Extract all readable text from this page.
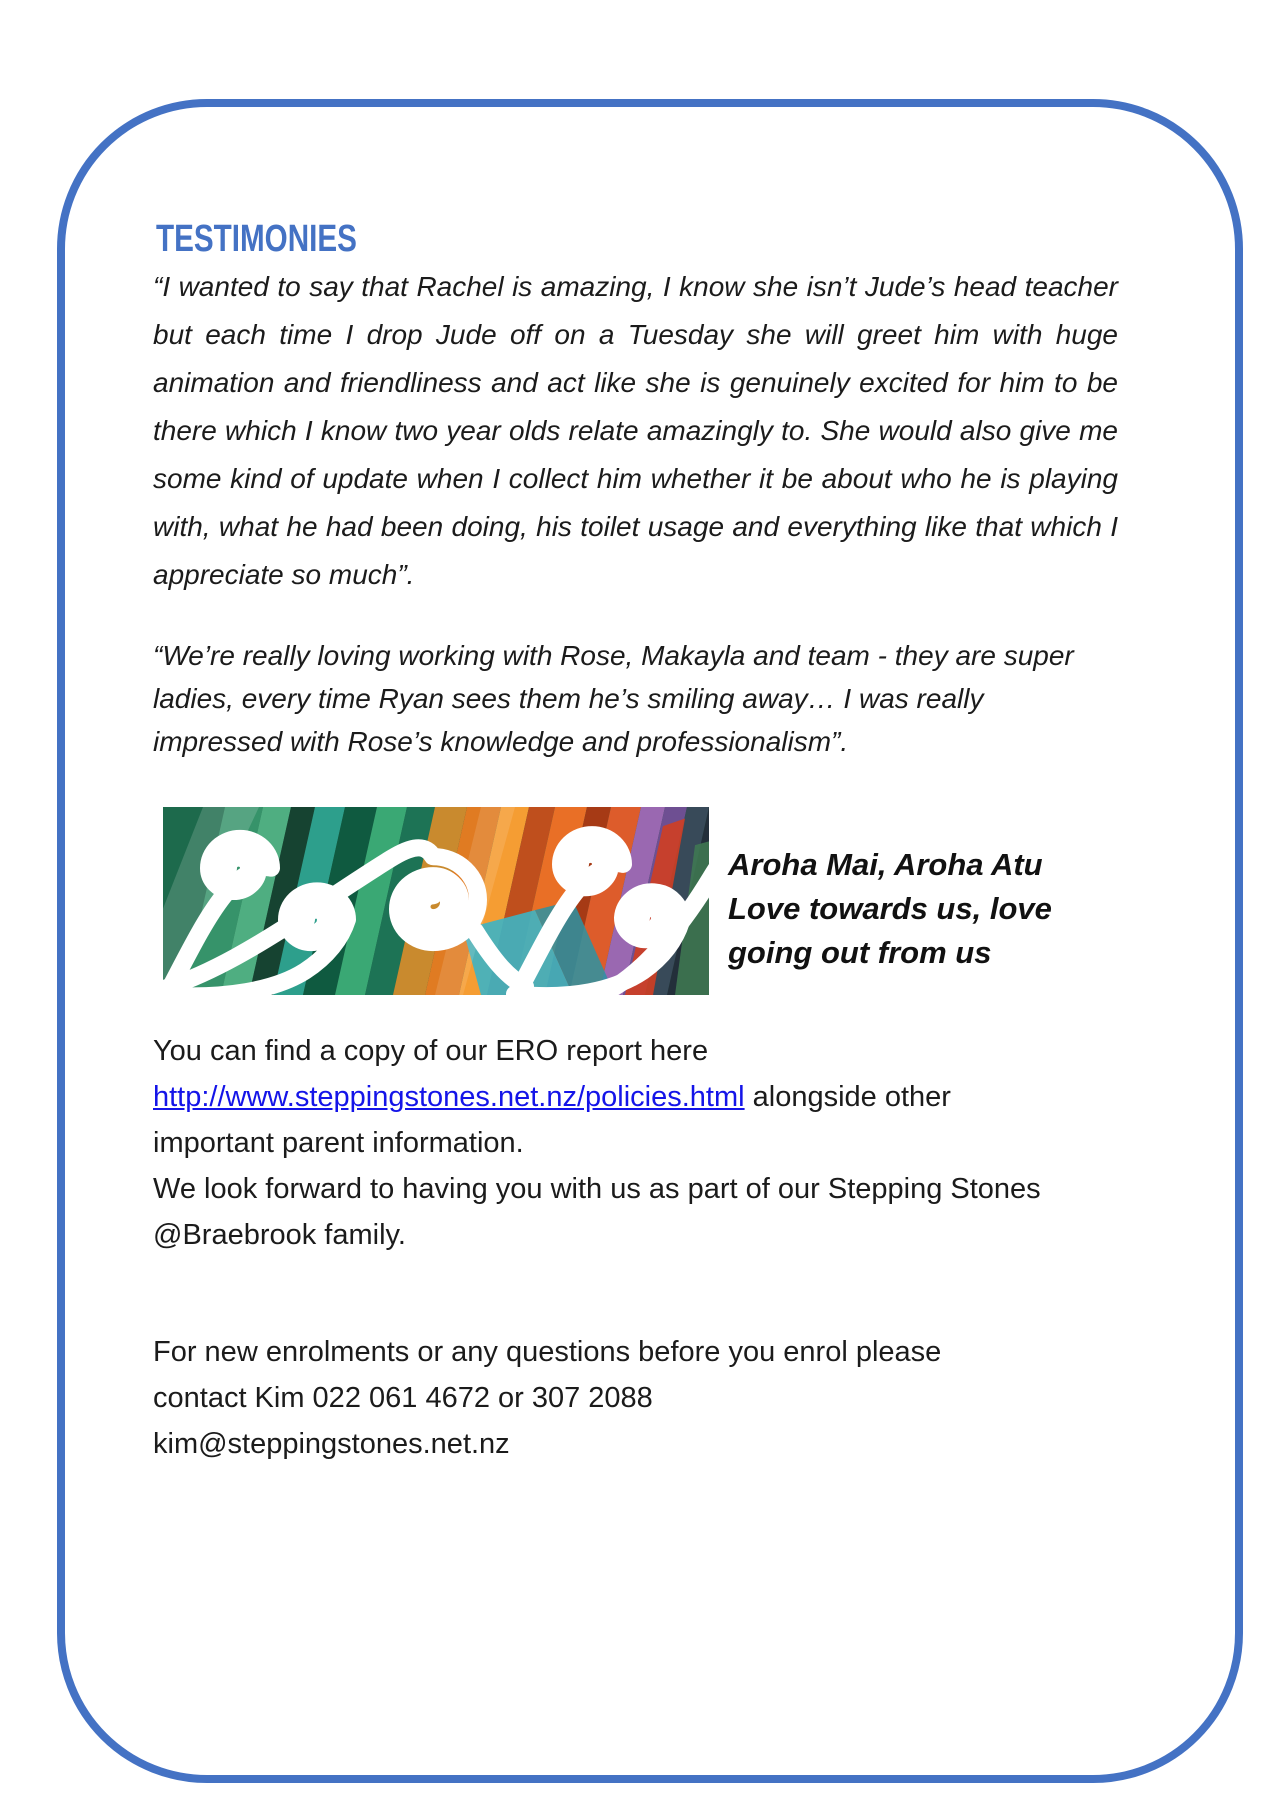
TESTIMONIES

“I wanted to say that Rachel is amazing, I know she isn’t Jude’s head teacher but each time I drop Jude off on a Tuesday she will greet him with huge animation and friendliness and act like she is genuinely excited for him to be there which I know two year olds relate amazingly to. She would also give me some kind of update when I collect him whether it be about who he is playing with, what he had been doing, his toilet usage and everything like that which I appreciate so much”.

“We’re really loving working with Rose, Makayla and team - they are super ladies, every time Ryan sees them he’s smiling away… I was really impressed with Rose’s knowledge and professionalism”.

Aroha Mai, Aroha Atu
Love towards us, love
going out from us
You can find a copy of our ERO report here
http://www.steppingstones.net.nz/policies.html alongside other
important parent information.
We look forward to having you with us as part of our Stepping Stones
@Braebrook family.
For new enrolments or any questions before you enrol please
contact Kim 022 061 4672 or 307 2088
kim@steppingstones.net.nz
